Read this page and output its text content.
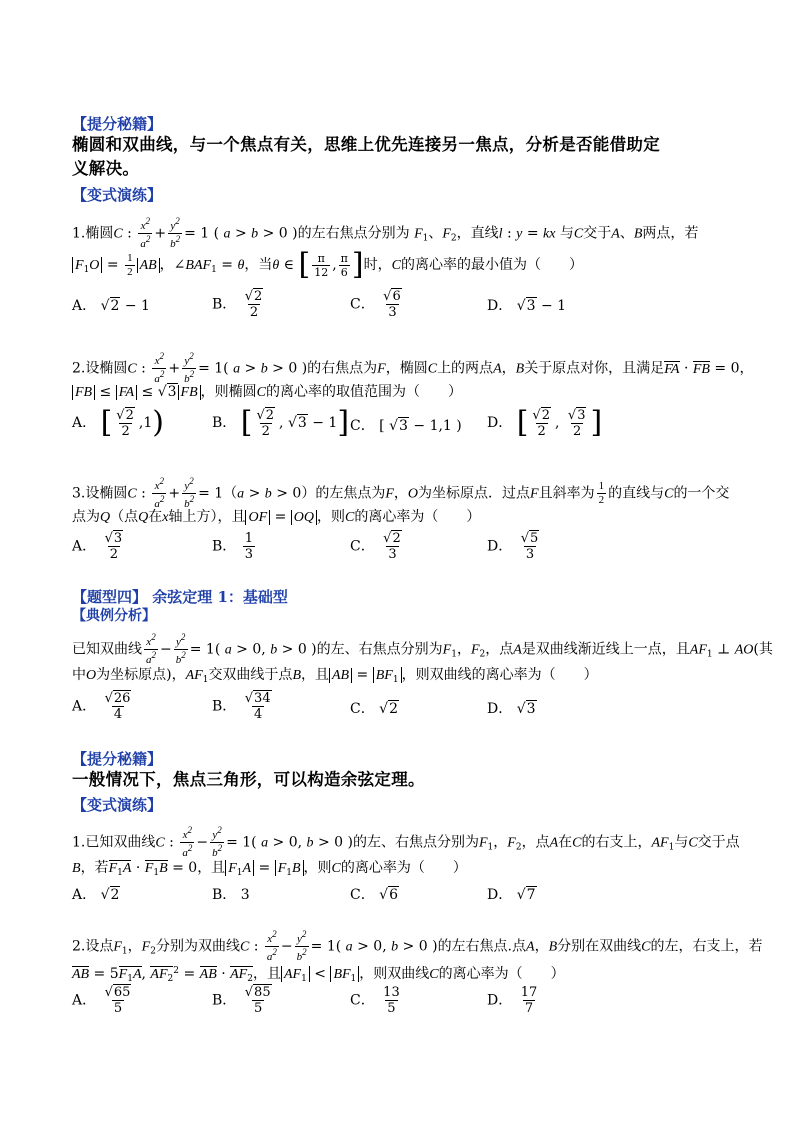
【提分秘籍】
椭圆和双曲线，与一个焦点有关，思维上优先连接另一焦点，分析是否能借助定
义解决。
【变式演练】
1.椭圆C : $\frac{x^2}{a^2} + \frac{y^2}{b^2} = 1$ ( a > b > 0 )的左右焦点分别为 $F_1$、$F_2$，直线l : y = kx 与C交于A、B两点，若
$F_1O = \frac{1}{2}$ AB ，$\angle BAF_1 = \theta$，当θ ∈ [ $\frac{\pi}{12}$ , $\frac{\pi}{6}$ ]时，C的离心率的最小值为（　　）
A． √2 − 1	B． $\frac{√2}{2}$	C． $\frac{√6}{3}$	D． √3 − 1
2.设椭圆C : $\frac{x^2}{a^2} + \frac{y^2}{b^2} = 1$( a > b > 0 )的右焦点为F，椭圆C上的两点A，B关于原点对你，且满足FA · FB = 0，
FB ≤ FA ≤ √3 FB ，则椭圆C的离心率的取值范围为（　　）
A． [ $\frac{√2}{2} ,1$)	B． [ $\frac{√2}{2}$ , √3 − 1] C． [ √3 − 1,1 ) D． [ $\frac{√2}{2}$ , $\frac{√3}{2}$ ]
3.设椭圆C : $\frac{x^2}{a^2} + \frac{y^2}{b^2} = 1(a > b > 0)$的左焦点为F，O为坐标原点．过点F且斜率为 $\frac{1}{2}$ 的直线与C的一个交
点为Q（点Q在x轴上方），且 OF = OQ ，则C的离心率为（　　）
A． $\frac{√3}{2}$	B． $\frac{1}{3}$	C． $\frac{√2}{3}$	D． $\frac{√5}{3}$
【题型四】 余弦定理 1：基础型
【典例分析】
已知双曲线 $\frac{x^2}{a^2} - \frac{y^2}{b^2} = 1$( a > 0, b > 0 )的左、右焦点分别为$F_1$，$F_2$，点A是双曲线渐近线上一点，且$AF_1$ ⊥ AO(其
中O为坐标原点)，$AF_1$交双曲线于点B，且 AB = $BF_1$ ，则双曲线的离心率为（　　）
A． $\frac{√26}{4}$	B． $\frac{√34}{4}$	C． √2	D． √3
【提分秘籍】
一般情况下，焦点三角形，可以构造余弦定理。
【变式演练】
1.已知双曲线C : $\frac{x^2}{a^2} - \frac{y^2}{b^2} = 1$( a > 0, b > 0 )的左、右焦点分别为$F_1$，$F_2$，点A在C的右支上，$AF_1$与C交于点
B，若$F_1A \cdot F_1B = 0$，且 $F_1A = F_1B$ ，则C的离心率为（　　）
A． √2	B． 3	C． √6	D． √7
2.设点$F_1$，$F_2$分别为双曲线C : $\frac{x^2}{a^2} - \frac{y^2}{b^2} = 1$( a > 0, b > 0 )的左右焦点.点A，B分别在双曲线C的左，右支上，若
AB = $5F_1A$, $AF_2^2$ = AB · $AF_2$，且 $AF_1 < BF_1$ ，则双曲线C的离心率为（　　）
A． $\frac{√65}{5}$	B． $\frac{√85}{5}$	C． $\frac{13}{5}$	D． $\frac{17}{7}$
